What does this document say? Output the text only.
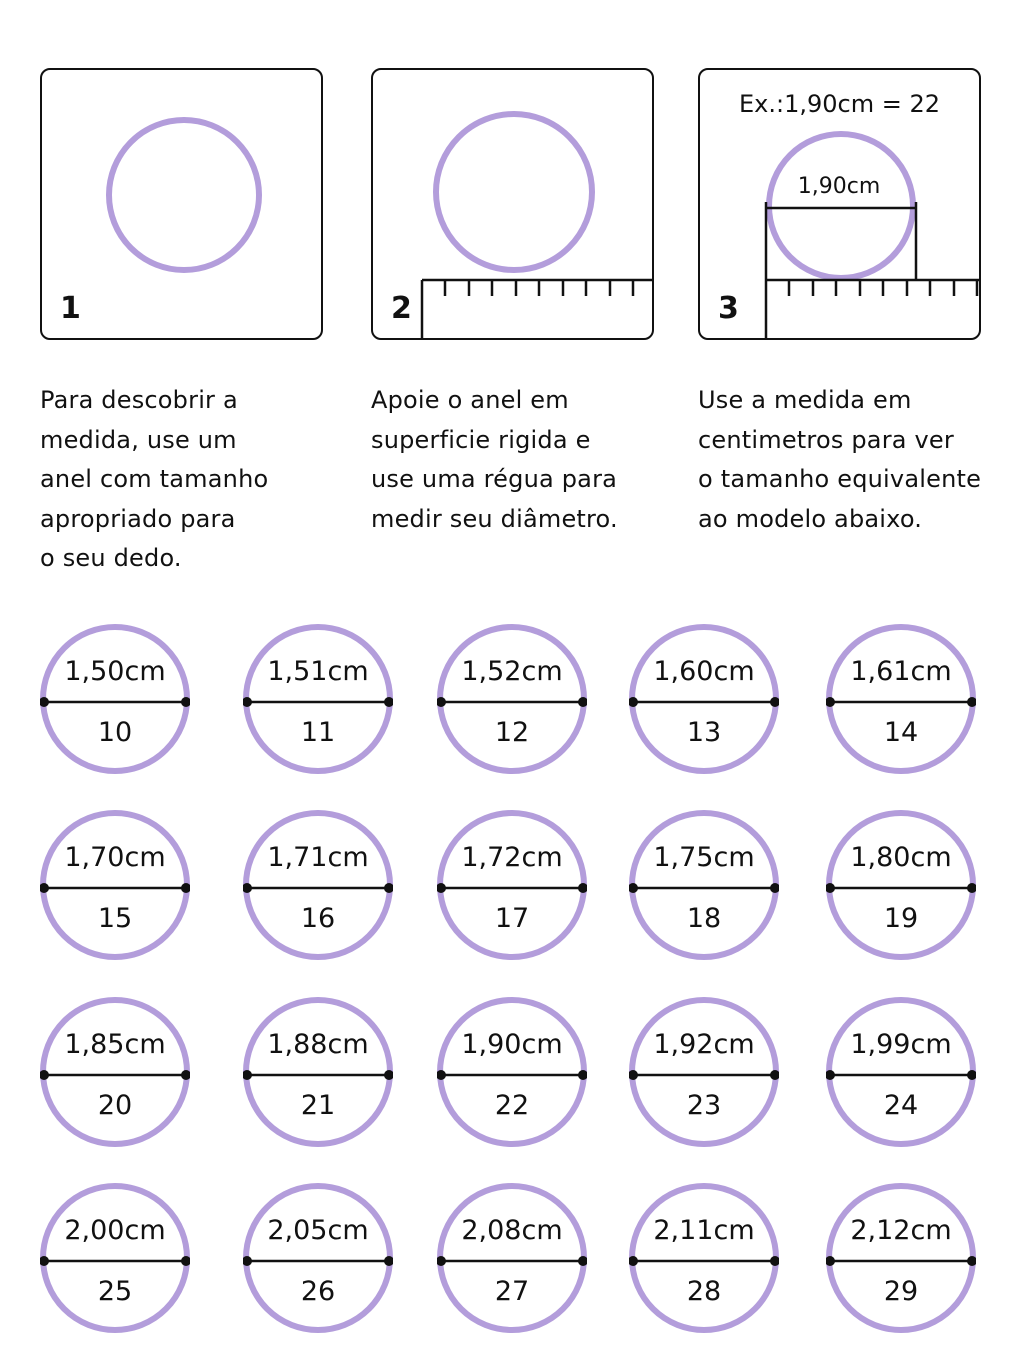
1	2
Ex.:1,90cm = 22
1,90cm
3
Para descobrir a
medida, use um
anel com tamanho
apropriado para
o seu dedo.
Apoie o anel em
superficie rigida e
use uma régua para
medir seu diâmetro.
Use a medida em
centimetros para ver
o tamanho equivalente
ao modelo abaixo.
1,50cm
10
1,51cm
11
1,52cm
12
1,60cm
13
1,61cm
14
1,70cm
15
1,71cm
16
1,72cm
17
1,75cm
18
1,80cm
19
1,85cm
20
1,88cm
21
1,90cm
22
1,92cm
23
1,99cm
24
2,00cm
25
2,05cm
26
2,08cm
27
2,11cm
28
2,12cm
29
